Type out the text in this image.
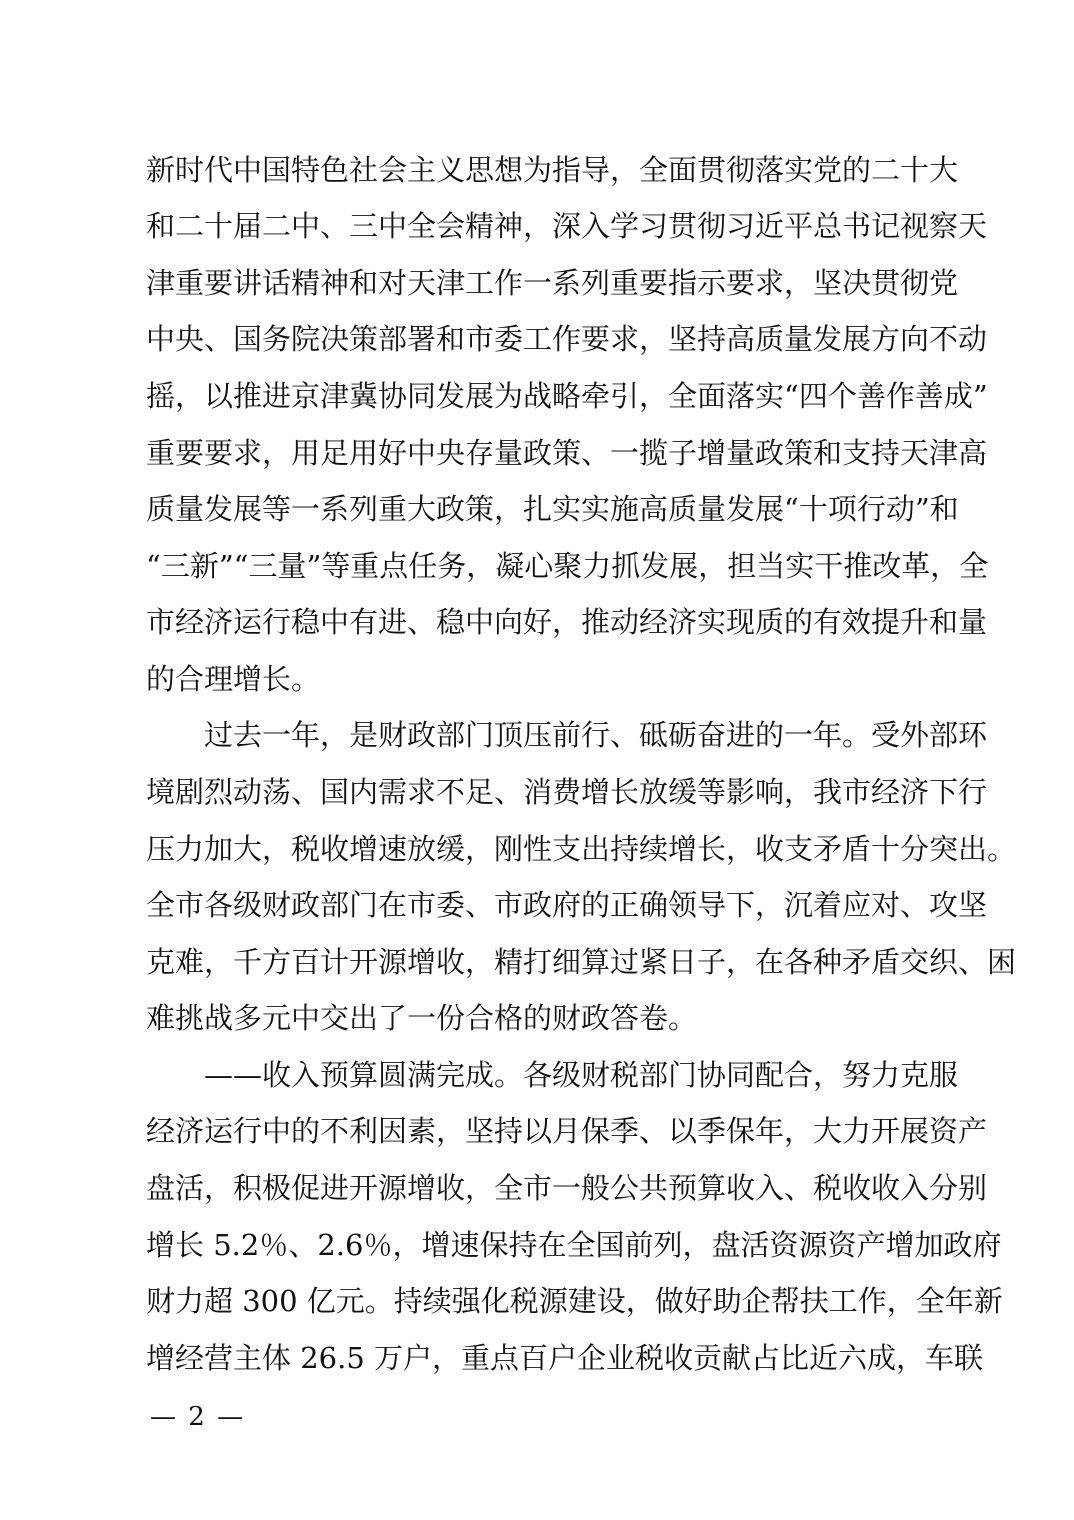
新时代中国特色社会主义思想为指导，全面贯彻落实党的二十大
和二十届二中、三中全会精神，深入学习贯彻习近平总书记视察天
津重要讲话精神和对天津工作一系列重要指示要求，坚决贯彻党
中央、国务院决策部署和市委工作要求，坚持高质量发展方向不动
摇，以推进京津冀协同发展为战略牵引，全面落实“四个善作善成”
重要要求，用足用好中央存量政策、一揽子增量政策和支持天津高
质量发展等一系列重大政策，扎实实施高质量发展“十项行动”和
“三新”“三量”等重点任务，凝心聚力抓发展，担当实干推改革，全
市经济运行稳中有进、稳中向好，推动经济实现质的有效提升和量
的合理增长。
过去一年，是财政部门顶压前行、砥砺奋进的一年。受外部环
境剧烈动荡、国内需求不足、消费增长放缓等影响，我市经济下行
压力加大，税收增速放缓，刚性支出持续增长，收支矛盾十分突出。
全市各级财政部门在市委、市政府的正确领导下，沉着应对、攻坚
克难，千方百计开源增收，精打细算过紧日子，在各种矛盾交织、困
难挑战多元中交出了一份合格的财政答卷。
——收入预算圆满完成。各级财税部门协同配合，努力克服
经济运行中的不利因素，坚持以月保季、以季保年，大力开展资产
盘活，积极促进开源增收，全市一般公共预算收入、税收收入分别
增长 5.2％、2.6％，增速保持在全国前列，盘活资源资产增加政府
财力超 300 亿元。持续强化税源建设，做好助企帮扶工作，全年新
增经营主体 26.5 万户，重点百户企业税收贡献占比近六成，车联
— 2 —
